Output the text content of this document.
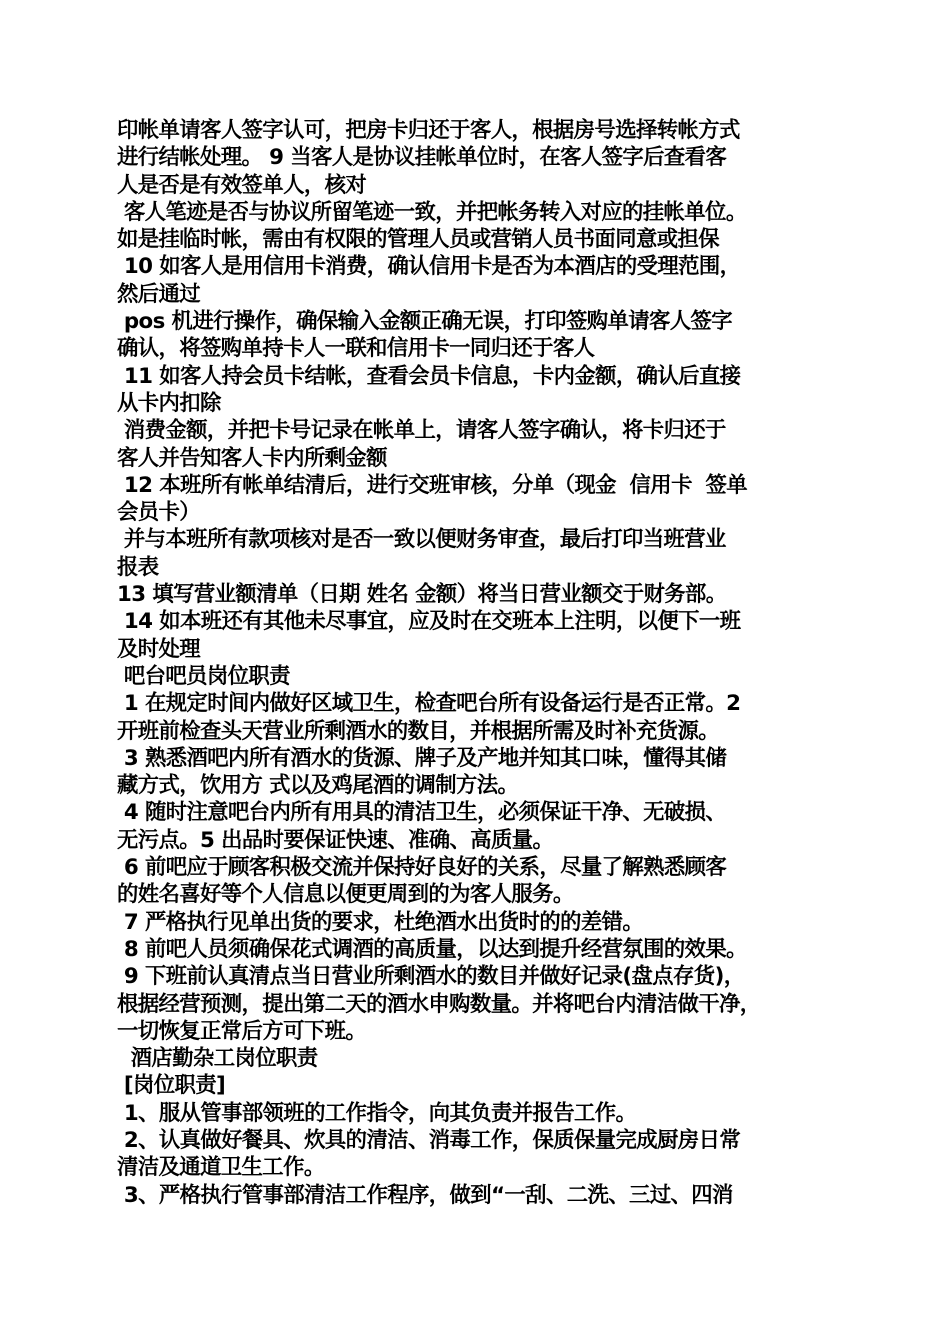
印帐单请客人签字认可，把房卡归还于客人，根据房号选择转帐方式
进行结帐处理。 9 当客人是协议挂帐单位时，在客人签字后查看客
人是否是有效签单人，核对
客人笔迹是否与协议所留笔迹一致，并把帐务转入对应的挂帐单位。
如是挂临时帐，需由有权限的管理人员或营销人员书面同意或担保
10 如客人是用信用卡消费，确认信用卡是否为本酒店的受理范围，
然后通过
pos 机进行操作，确保输入金额正确无误，打印签购单请客人签字
确认，将签购单持卡人一联和信用卡一同归还于客人
11 如客人持会员卡结帐，查看会员卡信息，卡内金额，确认后直接
从卡内扣除
消费金额，并把卡号记录在帐单上，请客人签字确认，将卡归还于
客人并告知客人卡内所剩金额
12 本班所有帐单结清后，进行交班审核，分单（现金  信用卡  签单
会员卡）
并与本班所有款项核对是否一致以便财务审查，最后打印当班营业
报表
13 填写营业额清单（日期 姓名 金额）将当日营业额交于财务部。
14 如本班还有其他未尽事宜，应及时在交班本上注明，以便下一班
及时处理
吧台吧员岗位职责
1 在规定时间内做好区域卫生，检查吧台所有设备运行是否正常。2
开班前检查头天营业所剩酒水的数目，并根据所需及时补充货源。
3 熟悉酒吧内所有酒水的货源、牌子及产地并知其口味，懂得其储
藏方式，饮用方 式以及鸡尾酒的调制方法。
4 随时注意吧台内所有用具的清洁卫生，必须保证干净、无破损、
无污点。5 出品时要保证快速、准确、高质量。
6 前吧应于顾客积极交流并保持好良好的关系，尽量了解熟悉顾客
的姓名喜好等个人信息以便更周到的为客人服务。
7 严格执行见单出货的要求，杜绝酒水出货时的的差错。
8 前吧人员须确保花式调酒的高质量，以达到提升经营氛围的效果。
9 下班前认真清点当日营业所剩酒水的数目并做好记录(盘点存货)，
根据经营预测，提出第二天的酒水申购数量。并将吧台内清洁做干净，
一切恢复正常后方可下班。
酒店勤杂工岗位职责
[岗位职责]
1、服从管事部领班的工作指令，向其负责并报告工作。
2、认真做好餐具、炊具的清洁、消毒工作，保质保量完成厨房日常
清洁及通道卫生工作。
3、严格执行管事部清洁工作程序，做到“一刮、二洗、三过、四消
